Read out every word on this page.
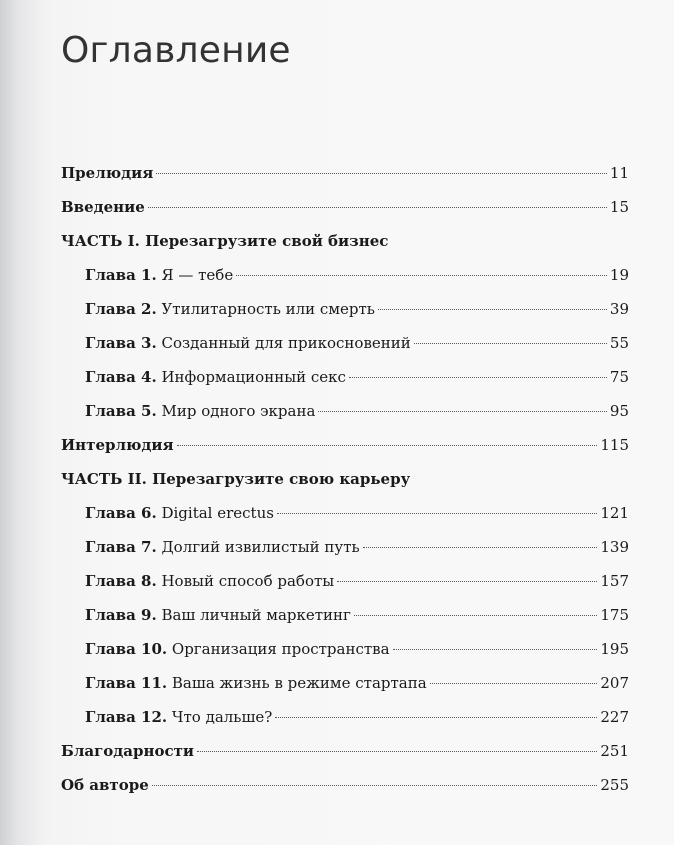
Оглавление
Прелюдия	11
Введение	15
ЧАСТЬ I. Перезагрузите свой бизнес
Глава 1. Я — тебе	19
Глава 2. Утилитарность или смерть	39
Глава 3. Созданный для прикосновений	55
Глава 4. Информационный секс	75
Глава 5. Мир одного экрана	95
Интерлюдия	115
ЧАСТЬ II. Перезагрузите свою карьеру
Глава 6. Digital erectus	121
Глава 7. Долгий извилистый путь	139
Глава 8. Новый способ работы	157
Глава 9. Ваш личный маркетинг	175
Глава 10. Организация пространства	195
Глава 11. Ваша жизнь в режиме стартапа	207
Глава 12. Что дальше?	227
Благодарности	251
Об авторе	255
